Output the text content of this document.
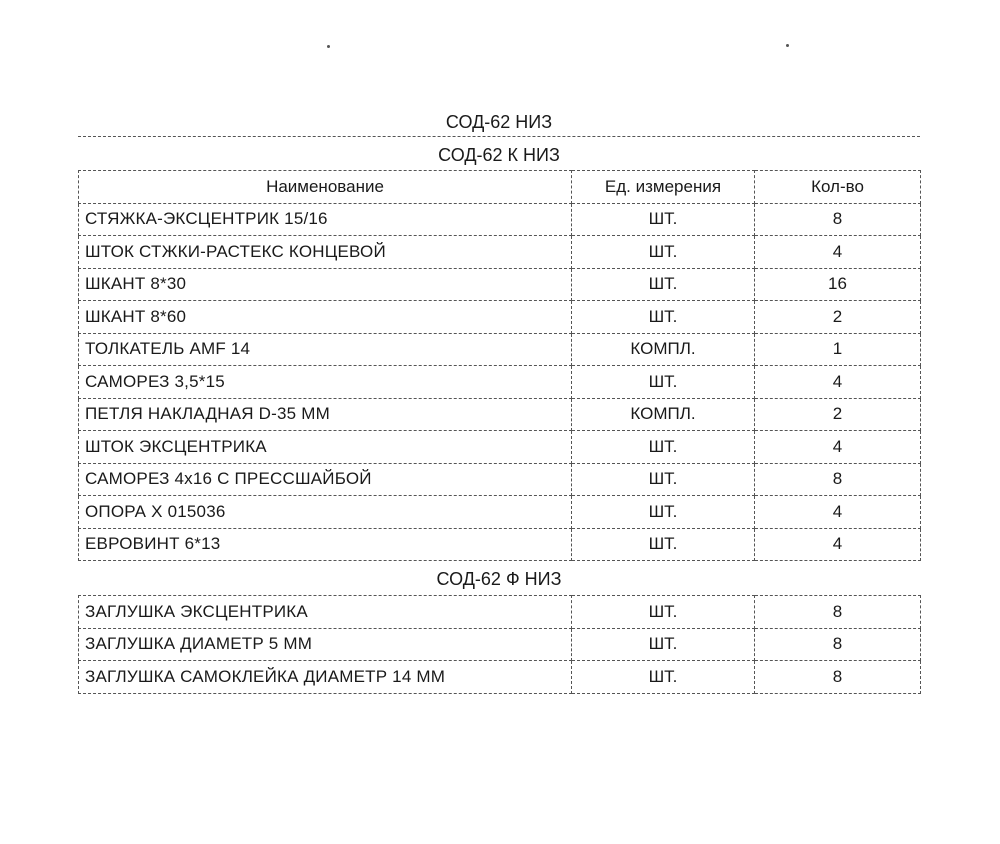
СОД-62 НИЗ
СОД-62 К НИЗ
Наименование	Ед. измерения	Кол-во
СТЯЖКА-ЭКСЦЕНТРИК 15/16	ШТ.	8
ШТОК СТЖКИ-РАСТЕКС КОНЦЕВОЙ	ШТ.	4
ШКАНТ 8*30	ШТ.	16
ШКАНТ 8*60	ШТ.	2
ТОЛКАТЕЛЬ AMF 14	КОМПЛ.	1
САМОРЕЗ 3,5*15	ШТ.	4
ПЕТЛЯ НАКЛАДНАЯ D-35 ММ	КОМПЛ.	2
ШТОК ЭКСЦЕНТРИКА	ШТ.	4
САМОРЕЗ 4x16 С ПРЕССШАЙБОЙ	ШТ.	8
ОПОРА X 015036	ШТ.	4
ЕВРОВИНТ 6*13	ШТ.	4
СОД-62 Ф НИЗ
ЗАГЛУШКА ЭКСЦЕНТРИКА	ШТ.	8
ЗАГЛУШКА ДИАМЕТР 5 ММ	ШТ.	8
ЗАГЛУШКА САМОКЛЕЙКА ДИАМЕТР 14 ММ	ШТ.	8
